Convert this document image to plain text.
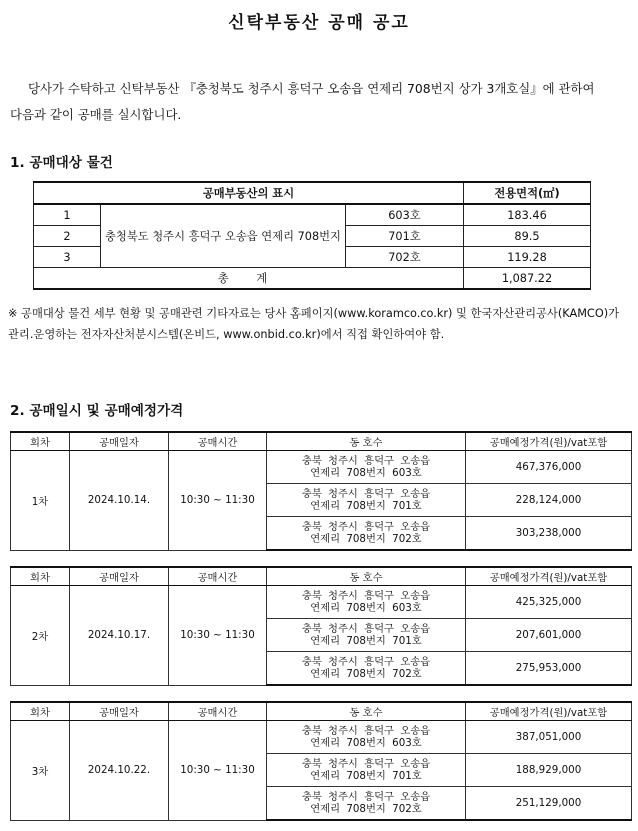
신탁부동산 공매 공고
당사가 수탁하고 신탁부동산 『충청북도 청주시 흥덕구 오송읍 연제리 708번지 상가 3개호실』에 관하여 다음과 같이 공매를 실시합니다.
1. 공매대상 물건
공매부동산의 표시			전용면적(㎡)
1	충청북도 청주시 흥덕구 오송읍 연제리 708번지	603호	183.46
2		701호	89.5
3		702호	119.28
총 계			1,087.22
※ 공매대상 물건 세부 현황 및 공매관련 기타자료는 당사 홈페이지(www.koramco.co.kr) 및 한국자산관리공사(KAMCO)가 관리.운영하는 전자자산처분시스템(온비드, www.onbid.co.kr)에서 직접 확인하여야 함.
2. 공매일시 및 공매예정가격
회차	공매일자	공매시간	동 호수	공매예정가격(원)/vat포함
1차	2024.10.14.	10:30 ~ 11:30	충북 청주시 흥덕구 오송읍
연제리 708번지 603호	467,376,000

			충북 청주시 흥덕구 오송읍
연제리 708번지 701호	228,124,000

			충북 청주시 흥덕구 오송읍
연제리 708번지 702호	303,238,000
회차	공매일자	공매시간	동 호수	공매예정가격(원)/vat포함
2차	2024.10.17.	10:30 ~ 11:30	충북 청주시 흥덕구 오송읍
연제리 708번지 603호	425,325,000

			충북 청주시 흥덕구 오송읍
연제리 708번지 701호	207,601,000

			충북 청주시 흥덕구 오송읍
연제리 708번지 702호	275,953,000
회차	공매일자	공매시간	동 호수	공매예정가격(원)/vat포함
3차	2024.10.22.	10:30 ~ 11:30	충북 청주시 흥덕구 오송읍
연제리 708번지 603호	387,051,000

			충북 청주시 흥덕구 오송읍
연제리 708번지 701호	188,929,000

			충북 청주시 흥덕구 오송읍
연제리 708번지 702호	251,129,000
